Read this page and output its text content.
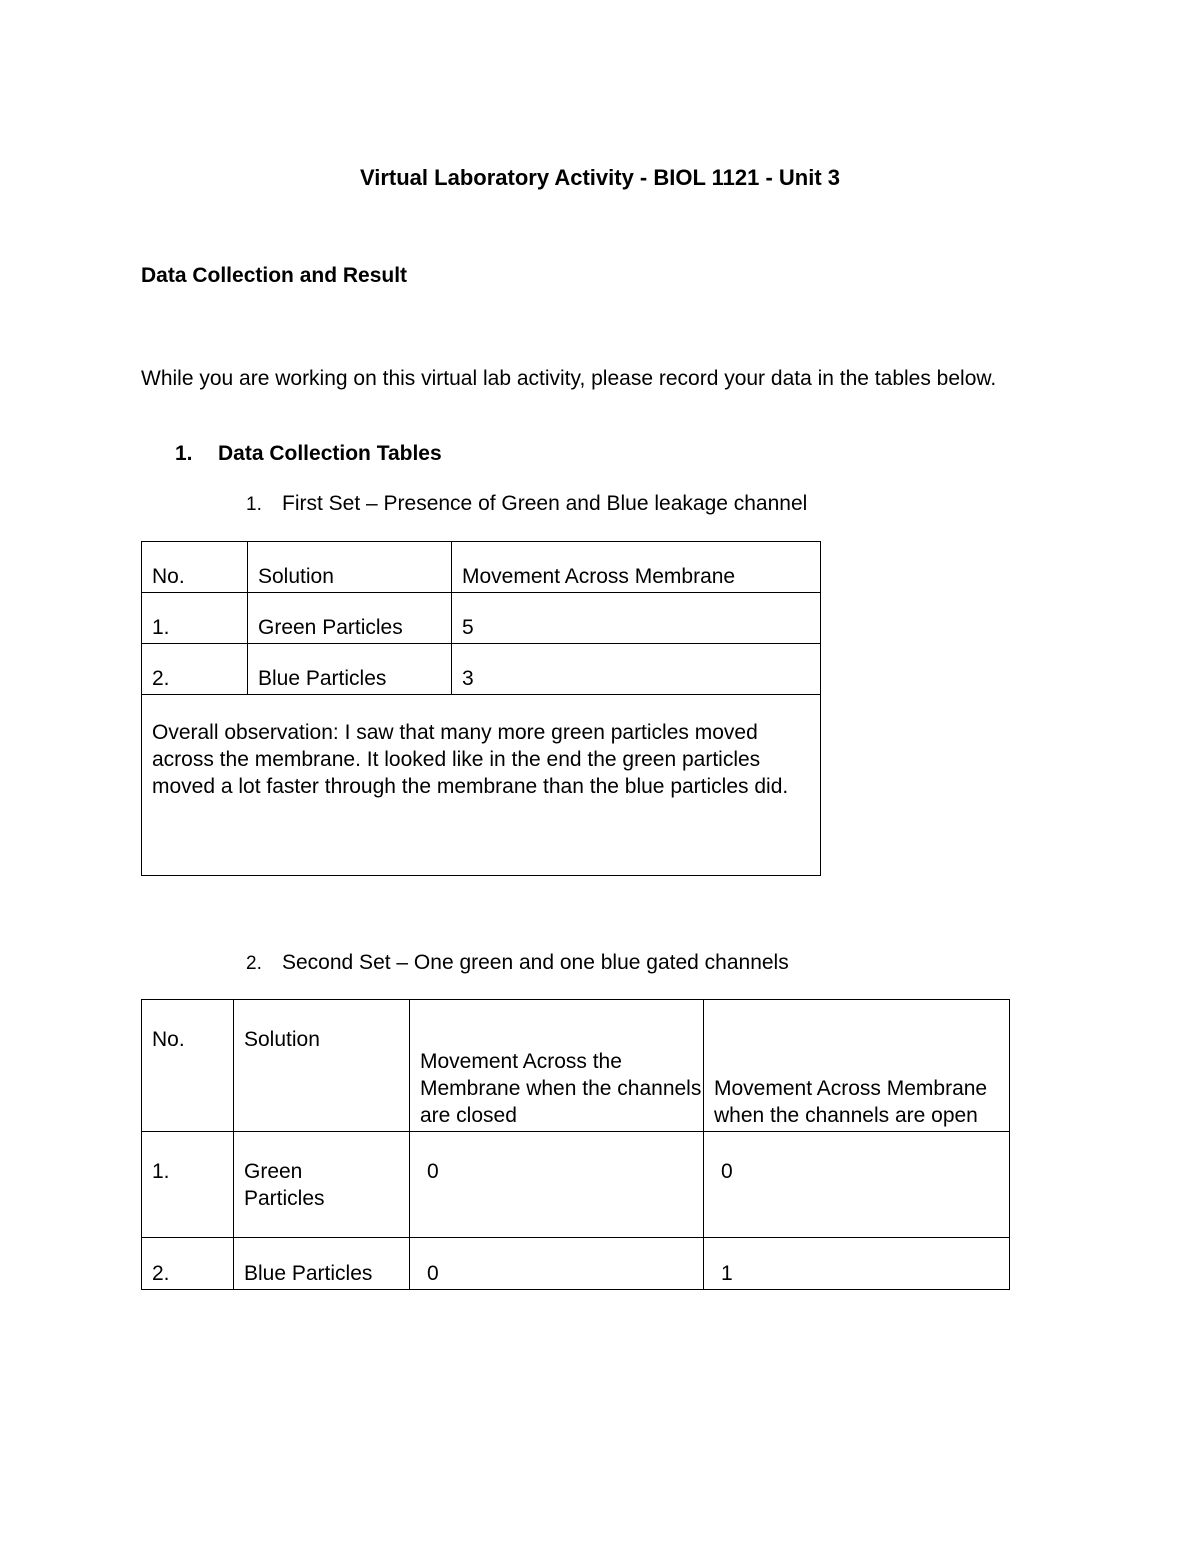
Virtual Laboratory Activity - BIOL 1121 - Unit 3
Data Collection and Result

While you are working on this virtual lab activity, please record your data in the tables below.

1. Data Collection Tables
1. First Set – Presence of Green and Blue leakage channel
No.	Solution	Movement Across Membrane
1.	Green Particles	5
2.	Blue Particles	3
Overall observation: I saw that many more green particles moved across the membrane. It looked like in the end the green particles moved a lot faster through the membrane than the blue particles did.		
2. Second Set – One green and one blue gated channels
No.	Solution	Movement Across the Membrane when the channels are closed	Movement Across Membrane when the channels are open
1.	Green Particles	0	0
2.	Blue Particles	0	1
